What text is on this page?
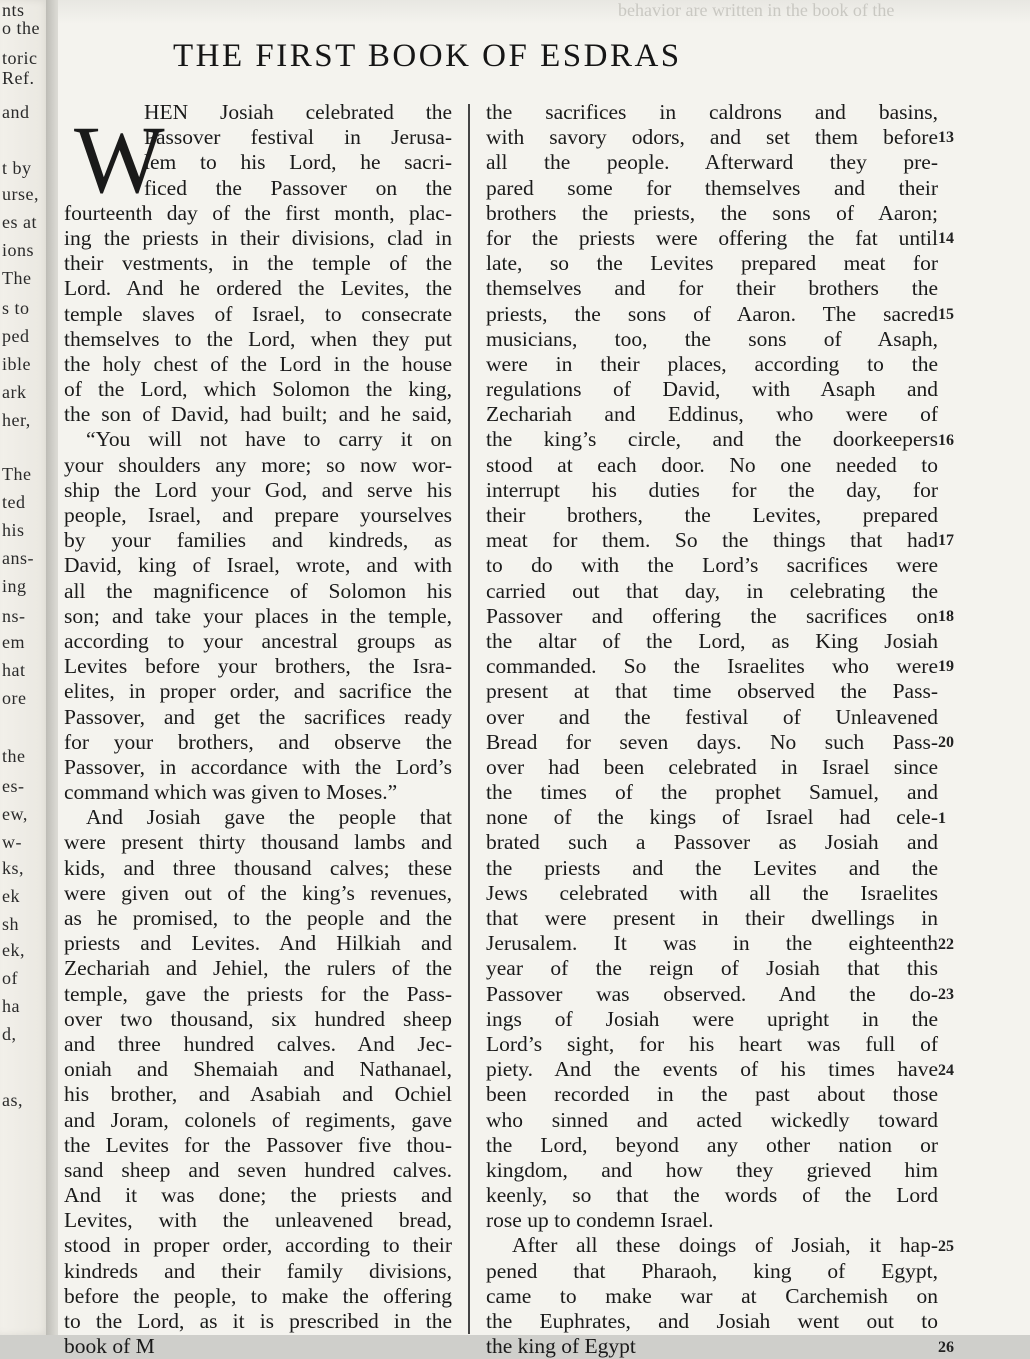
nts
o the
toric
Ref.
and
t by
urse,
es at
ions
The
s to
ped
ible
ark
her,
The
ted
his
ans-
ing
ns-
em
hat
ore
the
es-
ew,
w-
ks,
ek
sh
ek,
of
ha
d,
as,
behavior are written in the book of the
THE FIRST BOOK OF ESDRAS
W
HEN Josiah celebrated the
Passover festival in Jerusa-
lem to his Lord, he sacri-
ficed the Passover on the
fourteenth day of the first month, plac-
ing the priests in their divisions, clad in
their vestments, in the temple of the
Lord. And he ordered the Levites, the
temple slaves of Israel, to consecrate
themselves to the Lord, when they put
the holy chest of the Lord in the house
of the Lord, which Solomon the king,
the son of David, had built; and he said,
“You will not have to carry it on
your shoulders any more; so now wor-
ship the Lord your God, and serve his
people, Israel, and prepare yourselves
by your families and kindreds, as
David, king of Israel, wrote, and with
all the magnificence of Solomon his
son; and take your places in the temple,
according to your ancestral groups as
Levites before your brothers, the Isra-
elites, in proper order, and sacrifice the
Passover, and get the sacrifices ready
for your brothers, and observe the
Passover, in accordance with the Lord’s
command which was given to Moses.”
And Josiah gave the people that
were present thirty thousand lambs and
kids, and three thousand calves; these
were given out of the king’s revenues,
as he promised, to the people and the
priests and Levites. And Hilkiah and
Zechariah and Jehiel, the rulers of the
temple, gave the priests for the Pass-
over two thousand, six hundred sheep
and three hundred calves. And Jec-
oniah and Shemaiah and Nathanael,
his brother, and Asabiah and Ochiel
and Joram, colonels of regiments, gave
the Levites for the Passover five thou-
sand sheep and seven hundred calves.
And it was done; the priests and
Levites, with the unleavened bread,
stood in proper order, according to their
kindreds and their family divisions,
before the people, to make the offering
to the Lord, as it is prescribed in the
book of M
the sacrifices in caldrons and basins,
with savory odors, and set them before
all the people. Afterward they pre-
pared some for themselves and their
brothers the priests, the sons of Aaron;
for the priests were offering the fat until
late, so the Levites prepared meat for
themselves and for their brothers the
priests, the sons of Aaron. The sacred
musicians, too, the sons of Asaph,
were in their places, according to the
regulations of David, with Asaph and
Zechariah and Eddinus, who were of
the king’s circle, and the doorkeepers
stood at each door. No one needed to
interrupt his duties for the day, for
their brothers, the Levites, prepared
meat for them. So the things that had
to do with the Lord’s sacrifices were
carried out that day, in celebrating the
Passover and offering the sacrifices on
the altar of the Lord, as King Josiah
commanded. So the Israelites who were
present at that time observed the Pass-
over and the festival of Unleavened
Bread for seven days. No such Pass-
over had been celebrated in Israel since
the times of the prophet Samuel, and
none of the kings of Israel had cele-
brated such a Passover as Josiah and
the priests and the Levites and the
Jews celebrated with all the Israelites
that were present in their dwellings in
Jerusalem. It was in the eighteenth
year of the reign of Josiah that this
Passover was observed. And the do-
ings of Josiah were upright in the
Lord’s sight, for his heart was full of
piety. And the events of his times have
been recorded in the past about those
who sinned and acted wickedly toward
the Lord, beyond any other nation or
kingdom, and how they grieved him
keenly, so that the words of the Lord
rose up to condemn Israel.
After all these doings of Josiah, it hap-
pened that Pharaoh, king of Egypt,
came to make war at Carchemish on
the Euphrates, and Josiah went out to
the king of Egypt
13
14
15
16
17
18
19
20
1
22
23
24
25
26
